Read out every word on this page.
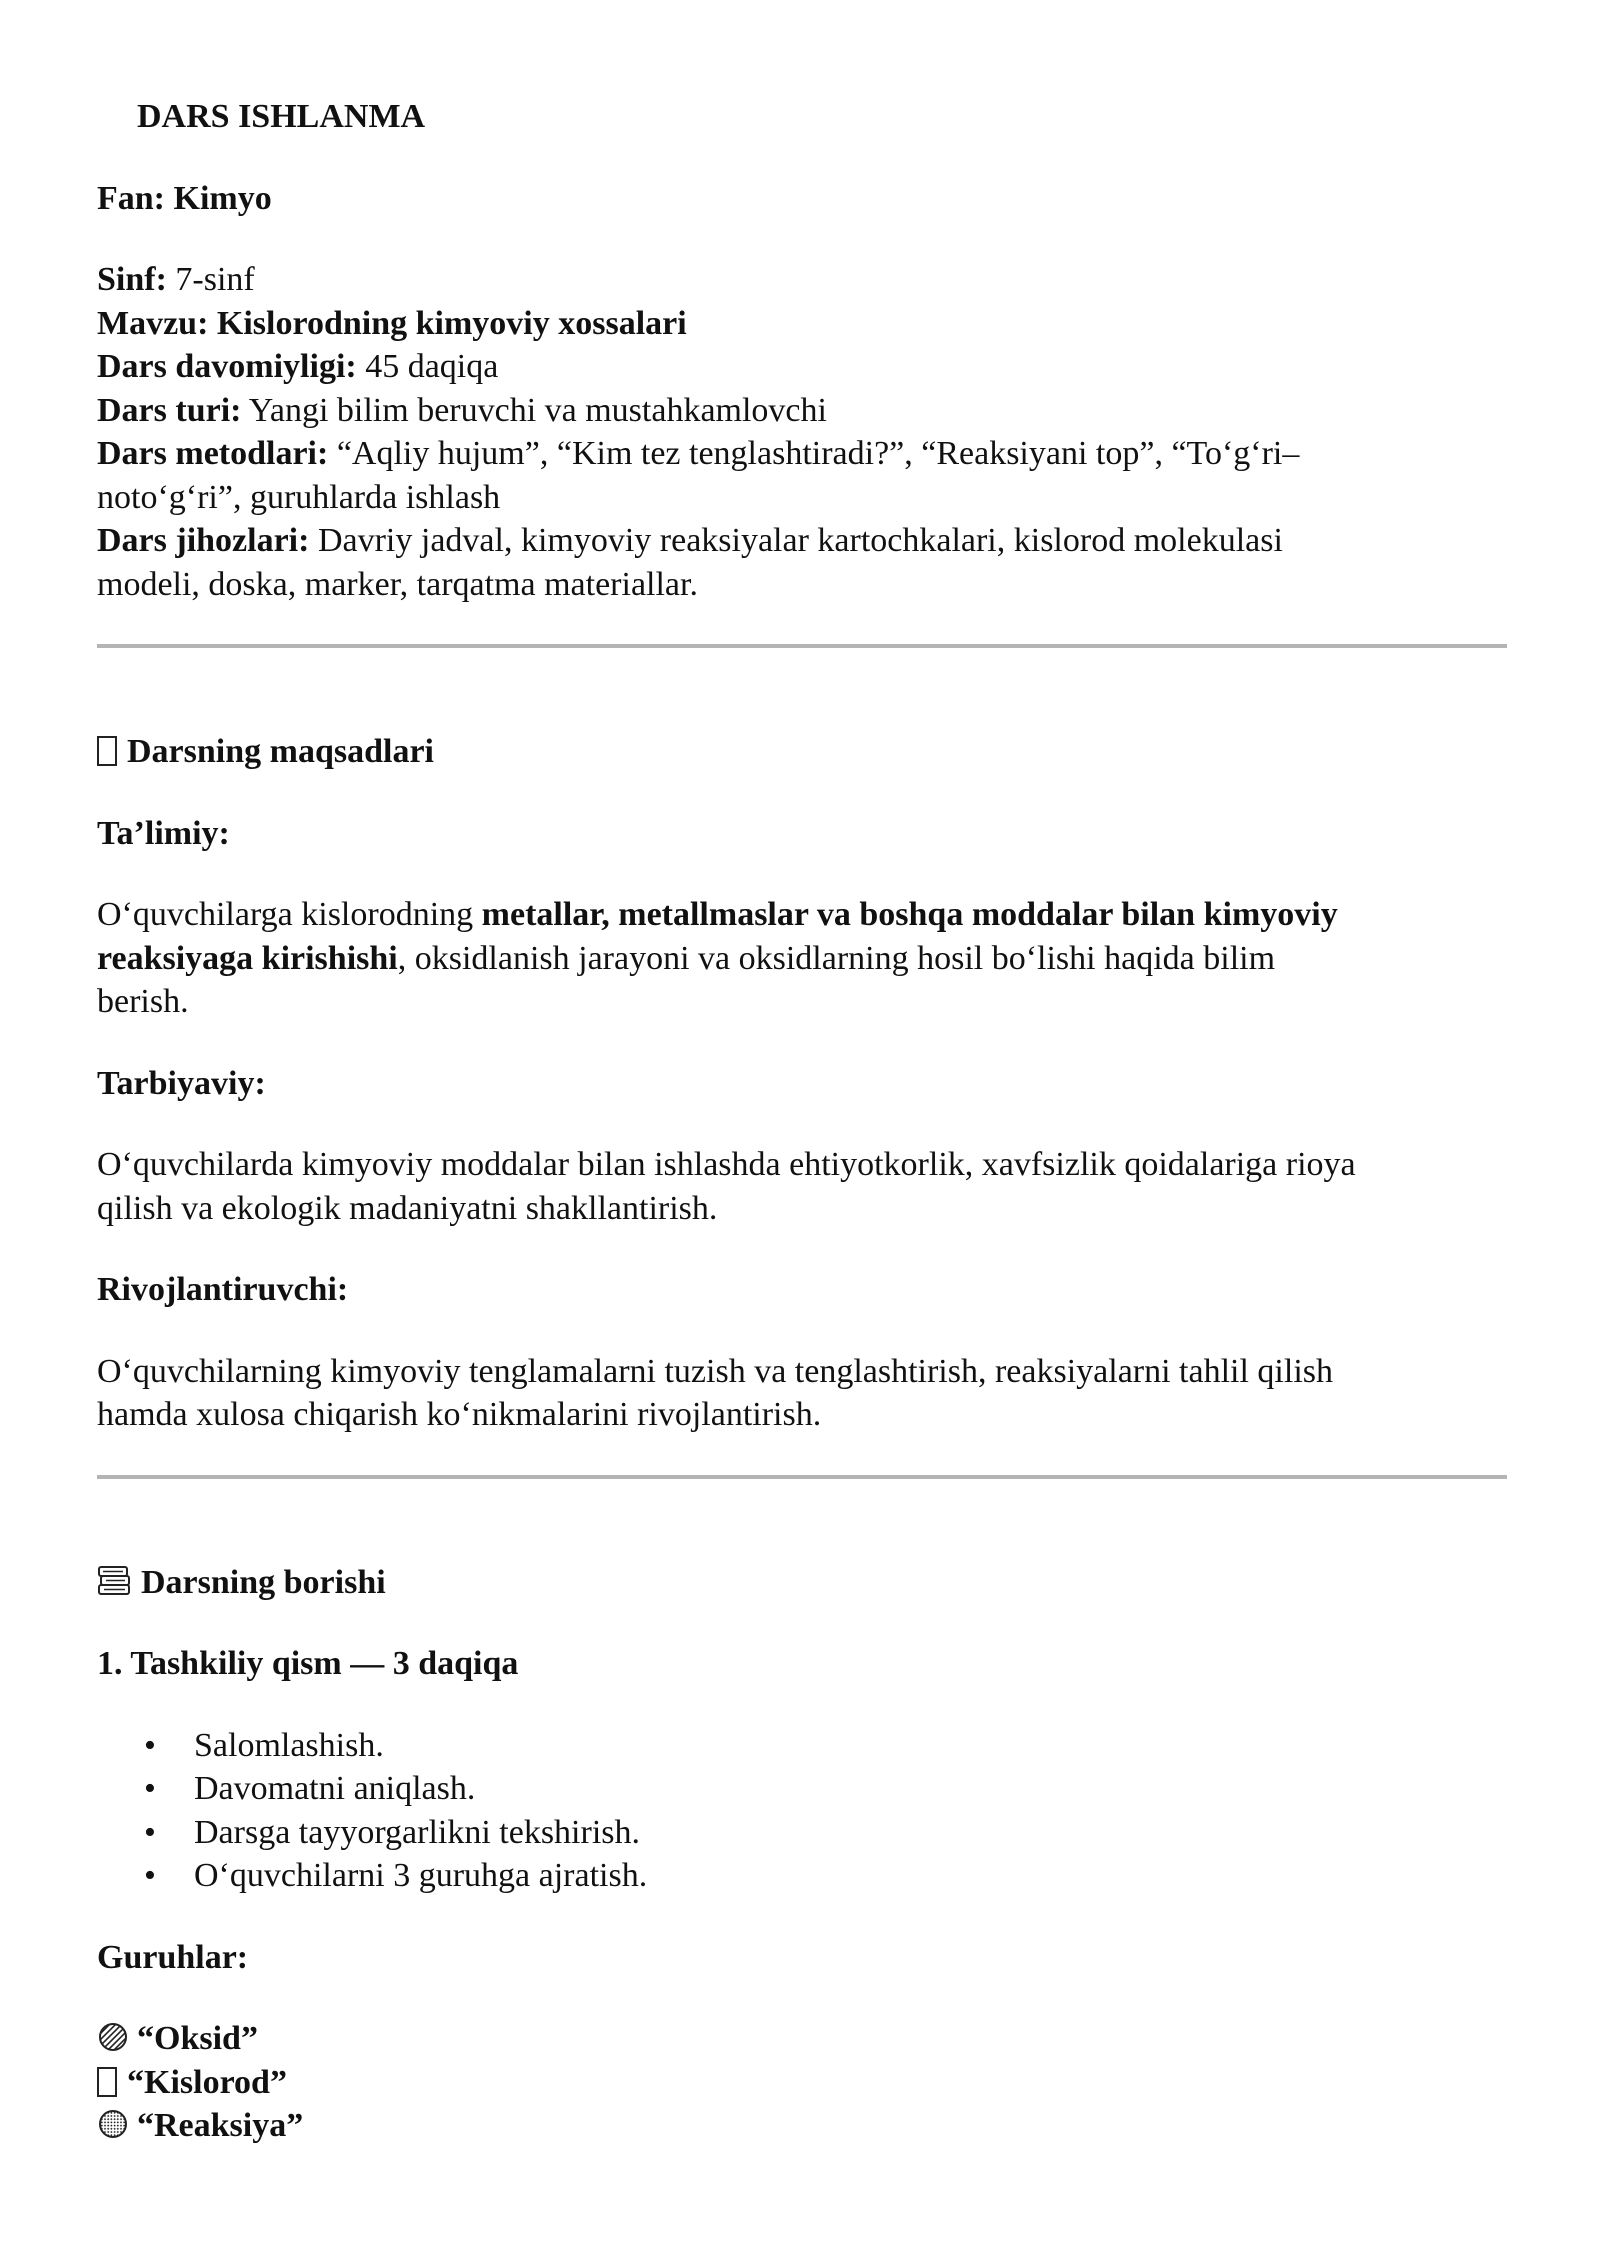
DARS ISHLANMA
Fan: Kimyo
Sinf: 7-sinf
Mavzu: Kislorodning kimyoviy xossalari
Dars davomiyligi: 45 daqiqa
Dars turi: Yangi bilim beruvchi va mustahkamlovchi
Dars metodlari: “Aqliy hujum”, “Kim tez tenglashtiradi?”, “Reaksiyani top”, “To‘g‘ri–
noto‘g‘ri”, guruhlarda ishlash
Dars jihozlari: Davriy jadval, kimyoviy reaksiyalar kartochkalari, kislorod molekulasi
modeli, doska, marker, tarqatma materiallar.
Darsning maqsadlari
Ta’limiy:
O‘quvchilarga kislorodning metallar, metallmaslar va boshqa moddalar bilan kimyoviy
reaksiyaga kirishishi, oksidlanish jarayoni va oksidlarning hosil bo‘lishi haqida bilim
berish.
Tarbiyaviy:
O‘quvchilarda kimyoviy moddalar bilan ishlashda ehtiyotkorlik, xavfsizlik qoidalariga rioya
qilish va ekologik madaniyatni shakllantirish.
Rivojlantiruvchi:
O‘quvchilarning kimyoviy tenglamalarni tuzish va tenglashtirish, reaksiyalarni tahlil qilish
hamda xulosa chiqarish ko‘nikmalarini rivojlantirish.
Darsning borishi
1. Tashkiliy qism — 3 daqiqa
• Salomlashish.
• Davomatni aniqlash.
• Darsga tayyorgarlikni tekshirish.
• O‘quvchilarni 3 guruhga ajratish.
Guruhlar:
“Oksid”
“Kislorod”
“Reaksiya”
